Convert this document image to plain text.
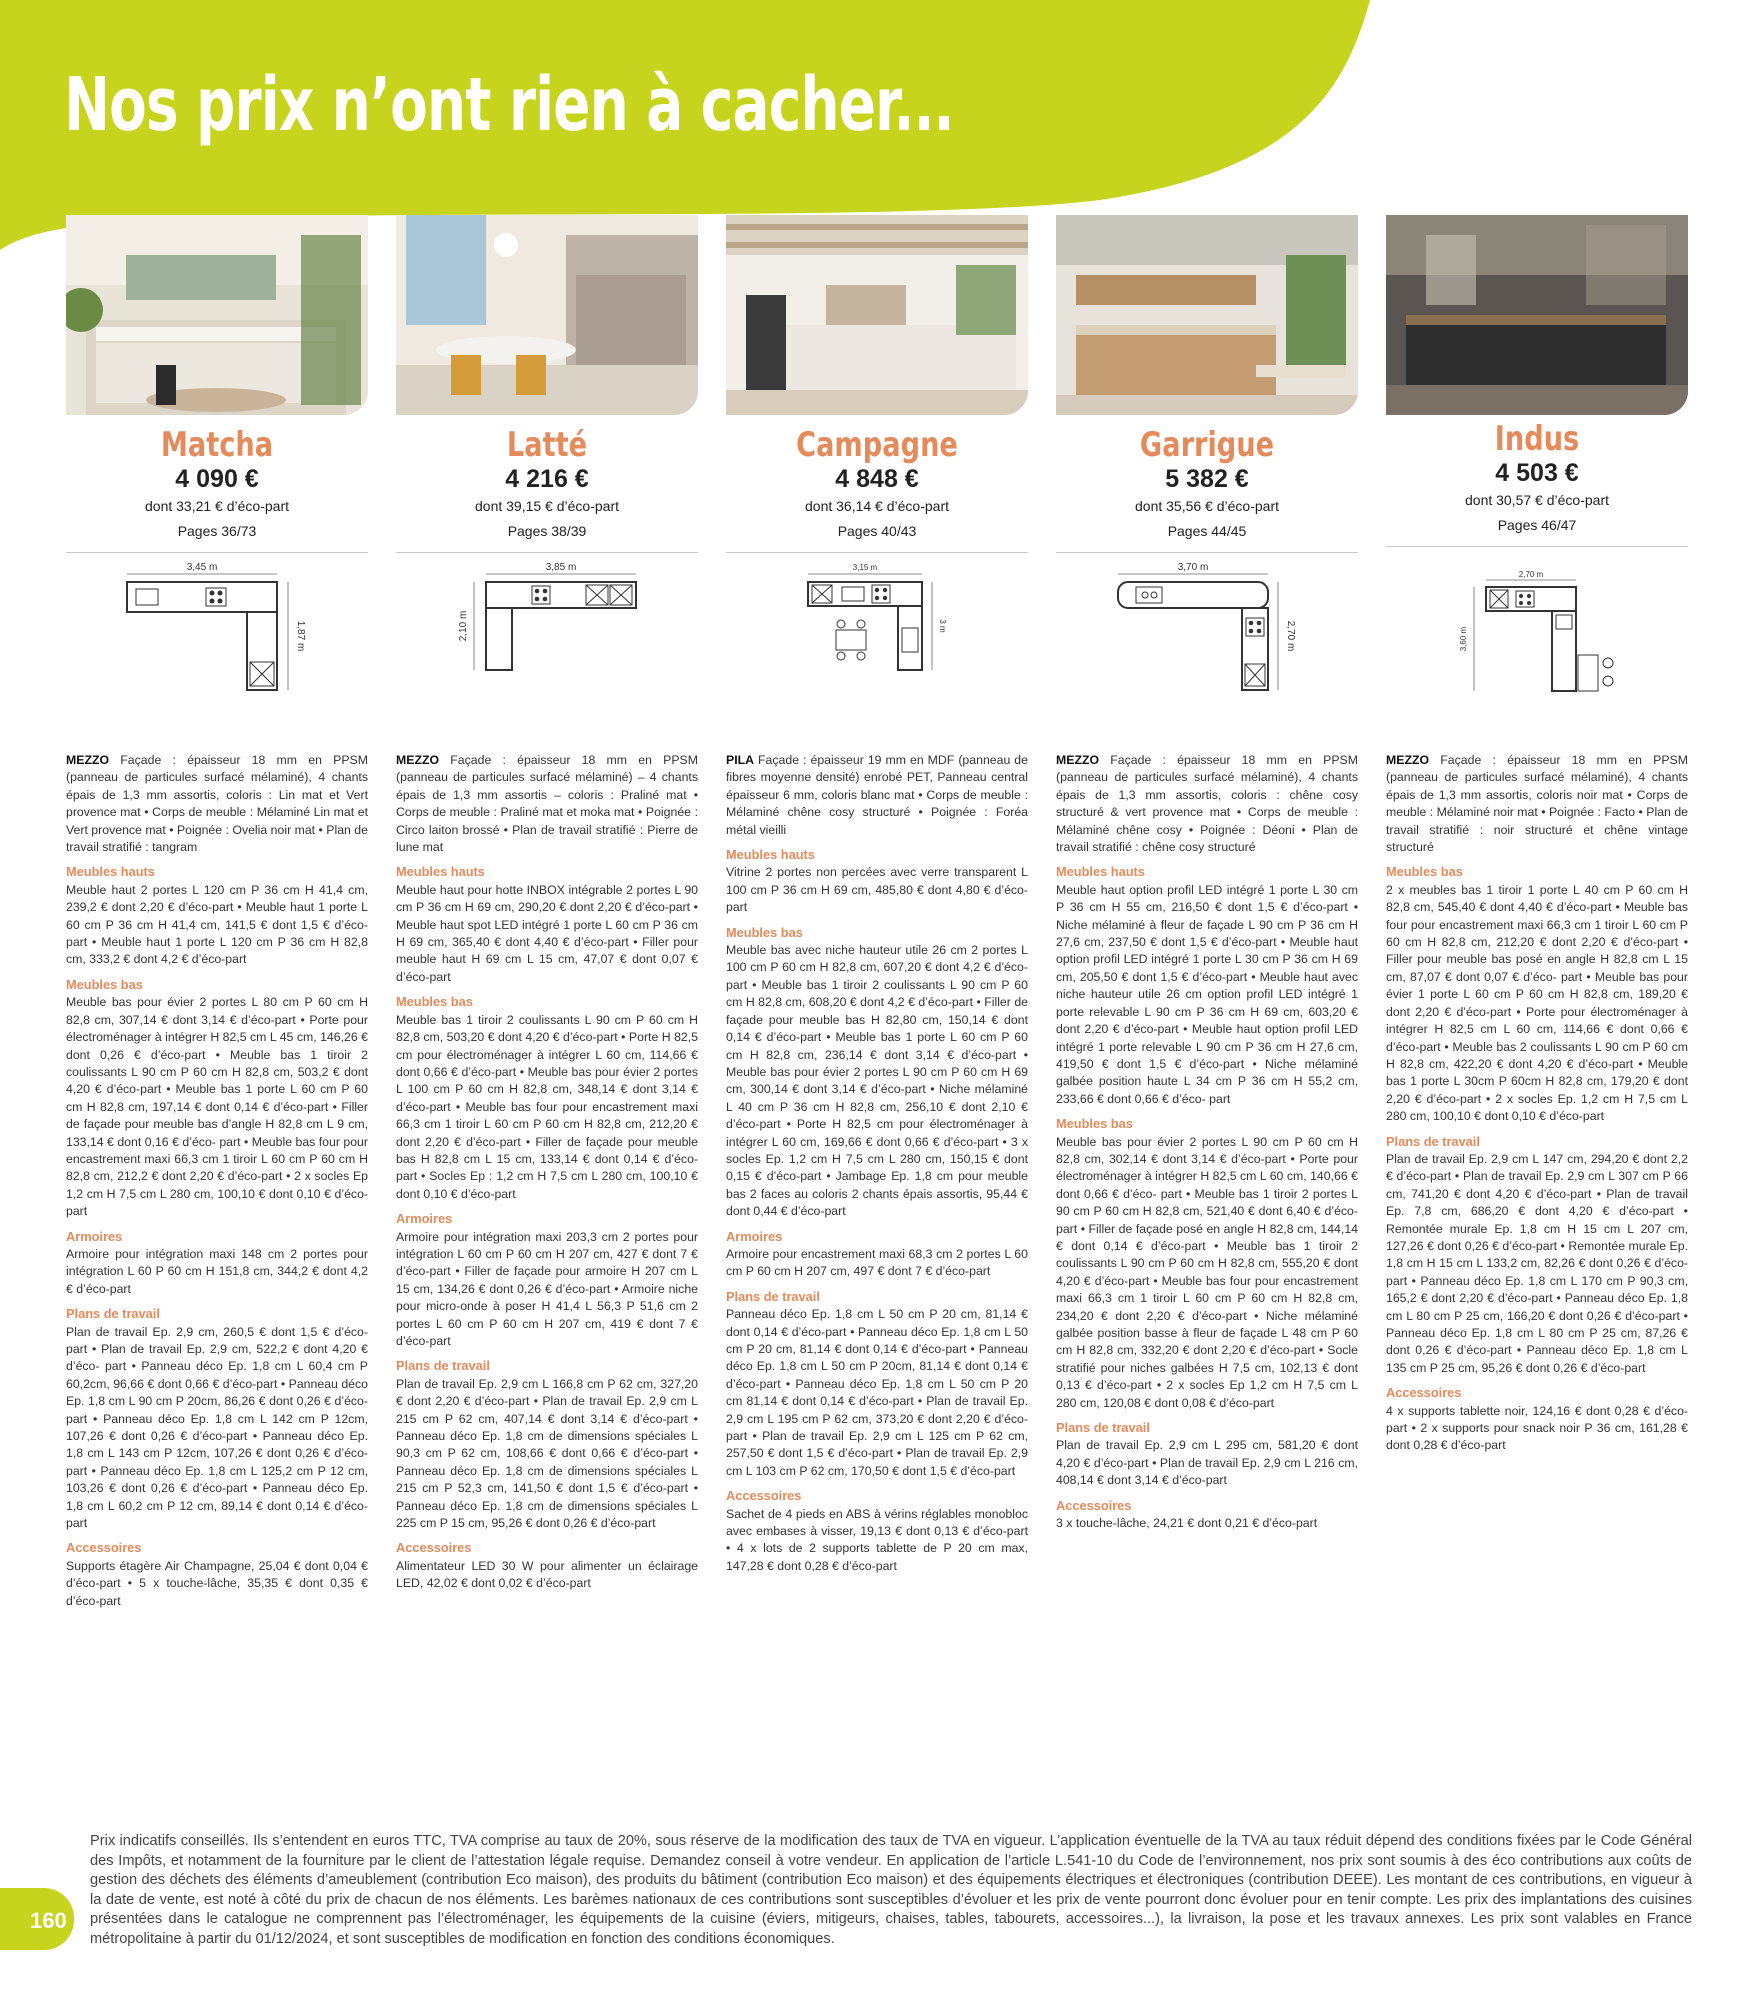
Nos prix n’ont rien à cacher...
Matcha
4 090 €
dont 33,21 € d’éco-part
Pages 36/73
3,45 m
1,87 m
MEZZO Façade : épaisseur 18 mm en PPSM (panneau de particules surfacé mélaminé), 4 chants épais de 1,3 mm assortis, coloris : Lin mat et Vert provence mat • Corps de meuble : Mélaminé Lin mat et Vert provence mat • Poignée : Ovelia noir mat • Plan de travail stratifié : tangram
Meubles hauts
Meuble haut 2 portes L 120 cm P 36 cm H 41,4 cm, 239,2 € dont 2,20 € d’éco-part • Meuble haut 1 porte L 60 cm P 36 cm H 41,4 cm, 141,5 € dont 1,5 € d’éco-part • Meuble haut 1 porte L 120 cm P 36 cm H 82,8 cm, 333,2 € dont 4,2 € d’éco-part
Meubles bas
Meuble bas pour évier 2 portes L 80 cm P 60 cm H 82,8 cm, 307,14 € dont 3,14 € d’éco-part • Porte pour électroménager à intégrer H 82,5 cm L 45 cm, 146,26 € dont 0,26 € d’éco-part • Meuble bas 1 tiroir 2 coulissants L 90 cm P 60 cm H 82,8 cm, 503,2 € dont 4,20 € d’éco-part • Meuble bas 1 porte L 60 cm P 60 cm H 82,8 cm, 197,14 € dont 0,14 € d’éco-part • Filler de façade pour meuble bas d’angle H 82,8 cm L 9 cm, 133,14 € dont 0,16 € d’éco- part • Meuble bas four pour encastrement maxi 66,3 cm 1 tiroir L 60 cm P 60 cm H 82,8 cm, 212,2 € dont 2,20 € d’éco-part • 2 x socles Ep 1,2 cm H 7,5 cm L 280 cm, 100,10 € dont 0,10 € d’éco-part
Armoires
Armoire pour intégration maxi 148 cm 2 portes pour intégration L 60 P 60 cm H 151,8 cm, 344,2 € dont 4,2 € d’éco-part
Plans de travail
Plan de travail Ep. 2,9 cm, 260,5 € dont 1,5 € d’éco-part • Plan de travail Ep. 2,9 cm, 522,2 € dont 4,20 € d’éco- part • Panneau déco Ep. 1,8 cm L 60,4 cm P 60,2cm, 96,66 € dont 0,66 € d’éco-part • Panneau déco Ep. 1,8 cm L 90 cm P 20cm, 86,26 € dont 0,26 € d’éco-part • Panneau déco Ep. 1,8 cm L 142 cm P 12cm, 107,26 € dont 0,26 € d’éco-part • Panneau déco Ep. 1,8 cm L 143 cm P 12cm, 107,26 € dont 0,26 € d’éco-part • Panneau déco Ep. 1,8 cm L 125,2 cm P 12 cm, 103,26 € dont 0,26 € d’éco-part • Panneau déco Ep. 1,8 cm L 60,2 cm P 12 cm, 89,14 € dont 0,14 € d’éco-part
Accessoires
Supports étagère Air Champagne, 25,04 € dont 0,04 € d’éco-part • 5 x touche-lâche, 35,35 € dont 0,35 € d’éco-part
Latté
4 216 €
dont 39,15 € d’éco-part
Pages 38/39
3,85 m
2,10 m
MEZZO Façade : épaisseur 18 mm en PPSM (panneau de particules surfacé mélaminé) – 4 chants épais de 1,3 mm assortis – coloris : Praliné mat • Corps de meuble : Praliné mat et moka mat • Poignée : Circo laiton brossé • Plan de travail stratifié : Pierre de lune mat
Meubles hauts
Meuble haut pour hotte INBOX intégrable 2 portes L 90 cm P 36 cm H 69 cm, 290,20 € dont 2,20 € d’éco-part • Meuble haut spot LED intégré 1 porte L 60 cm P 36 cm H 69 cm, 365,40 € dont 4,40 € d’éco-part • Filler pour meuble haut H 69 cm L 15 cm, 47,07 € dont 0,07 € d’éco-part
Meubles bas
Meuble bas 1 tiroir 2 coulissants L 90 cm P 60 cm H 82,8 cm, 503,20 € dont 4,20 € d’éco-part • Porte H 82,5 cm pour électroménager à intégrer L 60 cm, 114,66 € dont 0,66 € d’éco-part • Meuble bas pour évier 2 portes L 100 cm P 60 cm H 82,8 cm, 348,14 € dont 3,14 € d’éco-part • Meuble bas four pour encastrement maxi 66,3 cm 1 tiroir L 60 cm P 60 cm H 82,8 cm, 212,20 € dont 2,20 € d’éco-part • Filler de façade pour meuble bas H 82,8 cm L 15 cm, 133,14 € dont 0,14 € d’éco-part • Socles Ep : 1,2 cm H 7,5 cm L 280 cm, 100,10 € dont 0,10 € d’éco-part
Armoires
Armoire pour intégration maxi 203,3 cm 2 portes pour intégration L 60 cm P 60 cm H 207 cm, 427 € dont 7 € d’éco-part • Filler de façade pour armoire H 207 cm L 15 cm, 134,26 € dont 0,26 € d’éco-part • Armoire niche pour micro-onde à poser H 41,4 L 56,3 P 51,6 cm 2 portes L 60 cm P 60 cm H 207 cm, 419 € dont 7 € d’éco-part
Plans de travail
Plan de travail Ep. 2,9 cm L 166,8 cm P 62 cm, 327,20 € dont 2,20 € d’éco-part • Plan de travail Ep. 2,9 cm L 215 cm P 62 cm, 407,14 € dont 3,14 € d’éco-part • Panneau déco Ep. 1,8 cm de dimensions spéciales L 90,3 cm P 62 cm, 108,66 € dont 0,66 € d’éco-part • Panneau déco Ep. 1,8 cm de dimensions spéciales L 215 cm P 52,3 cm, 141,50 € dont 1,5 € d’éco-part • Panneau déco Ep. 1,8 cm de dimensions spéciales L 225 cm P 15 cm, 95,26 € dont 0,26 € d’éco-part
Accessoires
Alimentateur LED 30 W pour alimenter un éclairage LED, 42,02 € dont 0,02 € d’éco-part
Campagne
4 848 €
dont 36,14 € d’éco-part
Pages 40/43
3,15 m
3 m
PILA Façade : épaisseur 19 mm en MDF (panneau de fibres moyenne densité) enrobé PET, Panneau central épaisseur 6 mm, coloris blanc mat • Corps de meuble : Mélaminé chêne cosy structuré • Poignée : Foréa métal vieilli
Meubles hauts
Vitrine 2 portes non percées avec verre transparent L 100 cm P 36 cm H 69 cm, 485,80 € dont 4,80 € d’éco-part
Meubles bas
Meuble bas avec niche hauteur utile 26 cm 2 portes L 100 cm P 60 cm H 82,8 cm, 607,20 € dont 4,2 € d’éco-part • Meuble bas 1 tiroir 2 coulissants L 90 cm P 60 cm H 82,8 cm, 608,20 € dont 4,2 € d’éco-part • Filler de façade pour meuble bas H 82,80 cm, 150,14 € dont 0,14 € d’éco-part • Meuble bas 1 porte L 60 cm P 60 cm H 82,8 cm, 236,14 € dont 3,14 € d’éco-part • Meuble bas pour évier 2 portes L 90 cm P 60 cm H 69 cm, 300,14 € dont 3,14 € d’éco-part • Niche mélaminé L 40 cm P 36 cm H 82,8 cm, 256,10 € dont 2,10 € d’éco-part • Porte H 82,5 cm pour électroménager à intégrer L 60 cm, 169,66 € dont 0,66 € d’éco-part • 3 x socles Ep. 1,2 cm H 7,5 cm L 280 cm, 150,15 € dont 0,15 € d’éco-part • Jambage Ep. 1,8 cm pour meuble bas 2 faces au coloris 2 chants épais assortis, 95,44 € dont 0,44 € d’éco-part
Armoires
Armoire pour encastrement maxi 68,3 cm 2 portes L 60 cm P 60 cm H 207 cm, 497 € dont 7 € d’éco-part
Plans de travail
Panneau déco Ep. 1,8 cm L 50 cm P 20 cm, 81,14 € dont 0,14 € d’éco-part • Panneau déco Ep. 1,8 cm L 50 cm P 20 cm, 81,14 € dont 0,14 € d’éco-part • Panneau déco Ep. 1,8 cm L 50 cm P 20cm, 81,14 € dont 0,14 € d’éco-part • Panneau déco Ep. 1,8 cm L 50 cm P 20 cm 81,14 € dont 0,14 € d’éco-part • Plan de travail Ep. 2,9 cm L 195 cm P 62 cm, 373,20 € dont 2,20 € d’éco-part • Plan de travail Ep. 2,9 cm L 125 cm P 62 cm, 257,50 € dont 1,5 € d’éco-part • Plan de travail Ep. 2,9 cm L 103 cm P 62 cm, 170,50 € dont 1,5 € d’éco-part
Accessoires
Sachet de 4 pieds en ABS à vérins réglables monobloc avec embases à visser, 19,13 € dont 0,13 € d’éco-part • 4 x lots de 2 supports tablette de P 20 cm max, 147,28 € dont 0,28 € d’éco-part
Garrigue
5 382 €
dont 35,56 € d’éco-part
Pages 44/45
3,70 m
2,70 m
MEZZO Façade : épaisseur 18 mm en PPSM (panneau de particules surfacé mélaminé), 4 chants épais de 1,3 mm assortis, coloris : chêne cosy structuré & vert provence mat • Corps de meuble : Mélaminé chêne cosy • Poignée : Déoni • Plan de travail stratifié : chêne cosy structuré
Meubles hauts
Meuble haut option profil LED intégré 1 porte L 30 cm P 36 cm H 55 cm, 216,50 € dont 1,5 € d’éco-part • Niche mélaminé à fleur de façade L 90 cm P 36 cm H 27,6 cm, 237,50 € dont 1,5 € d’éco-part • Meuble haut option profil LED intégré 1 porte L 30 cm P 36 cm H 69 cm, 205,50 € dont 1,5 € d’éco-part • Meuble haut avec niche hauteur utile 26 cm option profil LED intégré 1 porte relevable L 90 cm P 36 cm H 69 cm, 603,20 € dont 2,20 € d’éco-part • Meuble haut option profil LED intégré 1 porte relevable L 90 cm P 36 cm H 27,6 cm, 419,50 € dont 1,5 € d’éco-part • Niche mélaminé galbée position haute L 34 cm P 36 cm H 55,2 cm, 233,66 € dont 0,66 € d’éco- part
Meubles bas
Meuble bas pour évier 2 portes L 90 cm P 60 cm H 82,8 cm, 302,14 € dont 3,14 € d’éco-part • Porte pour électroménager à intégrer H 82,5 cm L 60 cm, 140,66 € dont 0,66 € d’éco- part • Meuble bas 1 tiroir 2 portes L 90 cm P 60 cm H 82,8 cm, 521,40 € dont 6,40 € d’éco-part • Filler de façade posé en angle H 82,8 cm, 144,14 € dont 0,14 € d’éco-part • Meuble bas 1 tiroir 2 coulissants L 90 cm P 60 cm H 82,8 cm, 555,20 € dont 4,20 € d’éco-part • Meuble bas four pour encastrement maxi 66,3 cm 1 tiroir L 60 cm P 60 cm H 82,8 cm, 234,20 € dont 2,20 € d’éco-part • Niche mélaminé galbée position basse à fleur de façade L 48 cm P 60 cm H 82,8 cm, 332,20 € dont 2,20 € d’éco-part • Socle stratifié pour niches galbées H 7,5 cm, 102,13 € dont 0,13 € d’éco-part • 2 x socles Ep 1,2 cm H 7,5 cm L 280 cm, 120,08 € dont 0,08 € d’éco-part
Plans de travail
Plan de travail Ep. 2,9 cm L 295 cm, 581,20 € dont 4,20 € d’éco-part • Plan de travail Ep. 2,9 cm L 216 cm, 408,14 € dont 3,14 € d’éco-part
Accessoires
3 x touche-lâche, 24,21 € dont 0,21 € d’éco-part
Indus
4 503 €
dont 30,57 € d’éco-part
Pages 46/47
2,70 m
3,60 m
MEZZO Façade : épaisseur 18 mm en PPSM (panneau de particules surfacé mélaminé), 4 chants épais de 1,3 mm assortis, coloris noir mat • Corps de meuble : Mélaminé noir mat • Poignée : Facto • Plan de travail stratifié : noir structuré et chêne vintage structuré
Meubles bas
2 x meubles bas 1 tiroir 1 porte L 40 cm P 60 cm H 82,8 cm, 545,40 € dont 4,40 € d’éco-part • Meuble bas four pour encastrement maxi 66,3 cm 1 tiroir L 60 cm P 60 cm H 82,8 cm, 212,20 € dont 2,20 € d’éco-part • Filler pour meuble bas posé en angle H 82,8 cm L 15 cm, 87,07 € dont 0,07 € d’éco- part • Meuble bas pour évier 1 porte L 60 cm P 60 cm H 82,8 cm, 189,20 € dont 2,20 € d’éco-part • Porte pour électroménager à intégrer H 82,5 cm L 60 cm, 114,66 € dont 0,66 € d’éco-part • Meuble bas 2 coulissants L 90 cm P 60 cm H 82,8 cm, 422,20 € dont 4,20 € d’éco-part • Meuble bas 1 porte L 30cm P 60cm H 82,8 cm, 179,20 € dont 2,20 € d’éco-part • 2 x socles Ep. 1,2 cm H 7,5 cm L 280 cm, 100,10 € dont 0,10 € d’éco-part
Plans de travail
Plan de travail Ep. 2,9 cm L 147 cm, 294,20 € dont 2,2 € d’éco-part • Plan de travail Ep. 2,9 cm L 307 cm P 66 cm, 741,20 € dont 4,20 € d’éco-part • Plan de travail Ep. 7,8 cm, 686,20 € dont 4,20 € d’éco-part • Remontée murale Ep. 1,8 cm H 15 cm L 207 cm, 127,26 € dont 0,26 € d’éco-part • Remontée murale Ep. 1,8 cm H 15 cm L 133,2 cm, 82,26 € dont 0,26 € d’éco-part • Panneau déco Ep. 1,8 cm L 170 cm P 90,3 cm, 165,2 € dont 2,20 € d’éco-part • Panneau déco Ep. 1,8 cm L 80 cm P 25 cm, 166,20 € dont 0,26 € d’éco-part • Panneau déco Ep. 1,8 cm L 80 cm P 25 cm, 87,26 € dont 0,26 € d’éco-part • Panneau déco Ep. 1,8 cm L 135 cm P 25 cm, 95,26 € dont 0,26 € d’éco-part
Accessoires
4 x supports tablette noir, 124,16 € dont 0,28 € d’éco-part • 2 x supports pour snack noir P 36 cm, 161,28 € dont 0,28 € d’éco-part
Prix indicatifs conseillés. Ils s’entendent en euros TTC, TVA comprise au taux de 20%, sous réserve de la modification des taux de TVA en vigueur. L’application éventuelle de la TVA au taux réduit dépend des conditions fixées par le Code Général des Impôts, et notamment de la fourniture par le client de l’attestation légale requise. Demandez conseil à votre vendeur. En application de l’article L.541-10 du Code de l’environnement, nos prix sont soumis à des éco contributions aux coûts de gestion des déchets des éléments d’ameublement (contribution Eco maison), des produits du bâtiment (contribution Eco maison) et des équipements électriques et électroniques (contribution DEEE). Les montant de ces contributions, en vigueur à la date de vente, est noté à côté du prix de chacun de nos éléments. Les barèmes nationaux de ces contributions sont susceptibles d’évoluer et les prix de vente pourront donc évoluer pour en tenir compte. Les prix des implantations des cuisines présentées dans le catalogue ne comprennent pas l’électroménager, les équipements de la cuisine (éviers, mitigeurs, chaises, tables, tabourets, accessoires...), la livraison, la pose et les travaux annexes. Les prix sont valables en France métropolitaine à partir du 01/12/2024, et sont susceptibles de modification en fonction des conditions économiques.
160
